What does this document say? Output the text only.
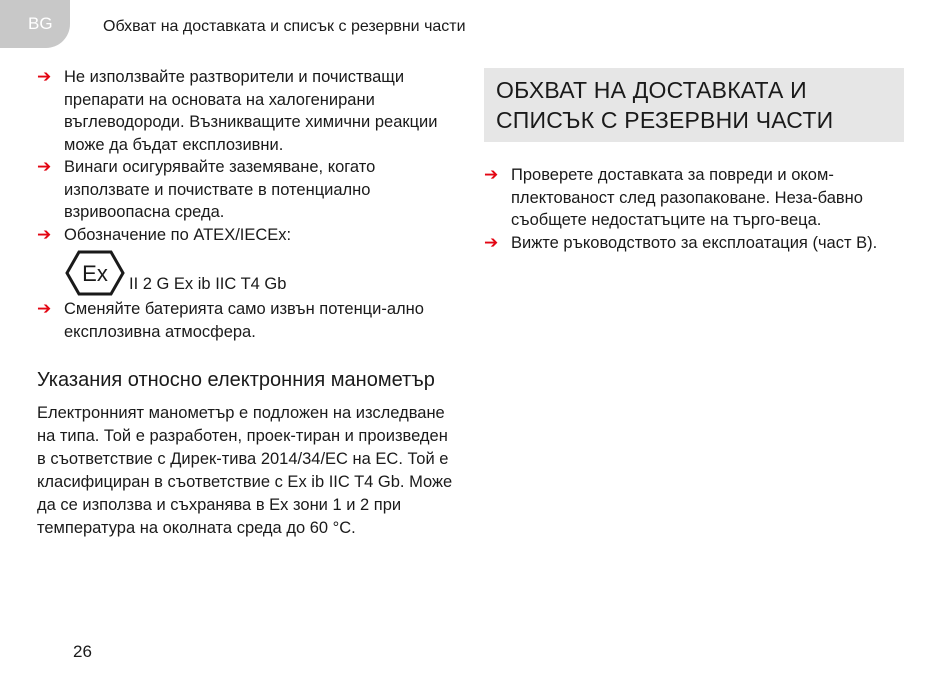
BG	Обхват на доставката и списък с резервни части
➔ Не използвайте разтворители и почистващи препарати на основата на халогенирани въглеводороди. Възникващите химични реакции може да бъдат експлозивни.
➔ Винаги осигурявайте заземяване, когато използвате и почиствате в потенциално взривоопасна среда.
➔ Обозначение по ATEX/IECEx:
Ex II 2 G Ex ib IIC T4 Gb
➔ Сменяйте батерията само извън потенци-ално експлозивна атмосфера.
Указания относно електронния манометър
Електронният манометър е подложен на изследване на типа. Той е разработен, проек-тиран и произведен в съответствие с Дирек-тива 2014/34/ЕС на ЕС. Той е класифициран в съответствие с Ex ib IIC T4 Gb. Може да се използва и съхранява в Ex зони 1 и 2 при температура на околната среда до 60 °C.
ОБХВАТ НА ДОСТАВКАТА И СПИСЪК С РЕЗЕРВНИ ЧАСТИ
➔ Проверете доставката за повреди и оком-плектованост след разопаковане. Неза-бавно съобщете недостатъците на търго-веца.
➔ Вижте ръководството за експлоатация (част B).
26
